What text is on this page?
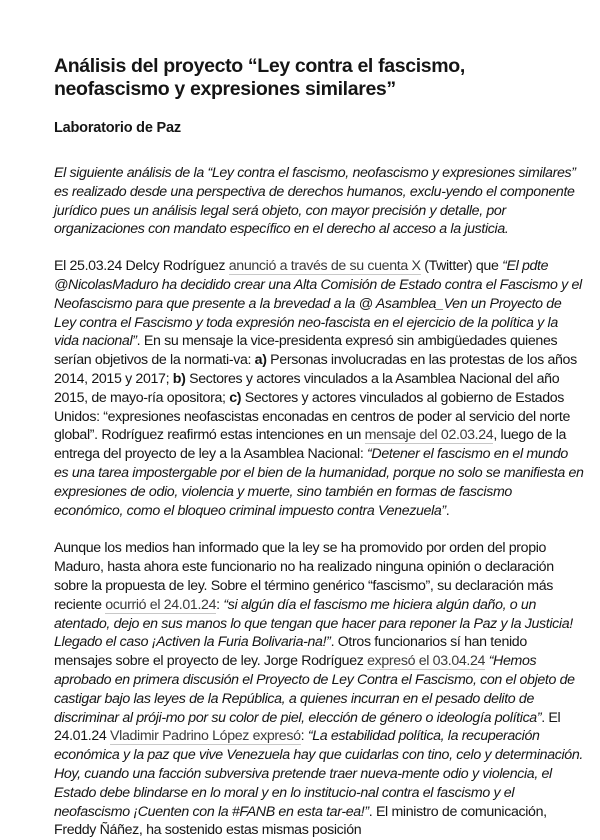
Análisis del proyecto “Ley contra el fascismo,
neofascismo y expresiones similares”
Laboratorio de Paz

El siguiente análisis de la “Ley contra el fascismo, neofascismo y expresiones similares” es realizado desde una perspectiva de derechos humanos, exclu-yendo el componente jurídico pues un análisis legal será objeto, con mayor precisión y detalle, por organizaciones con mandato específico en el derecho al acceso a la justicia.

El 25.03.24 Delcy Rodríguez anunció a través de su cuenta X (Twitter) que “El pdte @NicolasMaduro ha decidido crear una Alta Comisión de Estado contra el Fascismo y el Neofascismo para que presente a la brevedad a la @ Asamblea_Ven un Proyecto de Ley contra el Fascismo y toda expresión neo-fascista en el ejercicio de la política y la vida nacional”. En su mensaje la vice-presidenta expresó sin ambigüedades quienes serían objetivos de la normati-va: a) Personas involucradas en las protestas de los años 2014, 2015 y 2017; b) Sectores y actores vinculados a la Asamblea Nacional del año 2015, de mayo-ría opositora; c) Sectores y actores vinculados al gobierno de Estados Unidos: “expresiones neofascistas enconadas en centros de poder al servicio del norte global”. Rodríguez reafirmó estas intenciones en un mensaje del 02.03.24, luego de la entrega del proyecto de ley a la Asamblea Nacional: “Detener el fascismo en el mundo es una tarea impostergable por el bien de la humanidad, porque no solo se manifiesta en expresiones de odio, violencia y muerte, sino también en formas de fascismo económico, como el bloqueo criminal impuesto contra Venezuela”.

Aunque los medios han informado que la ley se ha promovido por orden del propio Maduro, hasta ahora este funcionario no ha realizado ninguna opinión o declaración sobre la propuesta de ley. Sobre el término genérico “fascismo”, su declaración más reciente ocurrió el 24.01.24: “si algún día el fascismo me hiciera algún daño, o un atentado, dejo en sus manos lo que tengan que hacer para reponer la Paz y la Justicia! Llegado el caso ¡Activen la Furia Bolivaria-na!”. Otros funcionarios sí han tenido mensajes sobre el proyecto de ley. Jorge Rodríguez expresó el 03.04.24 “Hemos aprobado en primera discusión el Proyecto de Ley Contra el Fascismo, con el objeto de castigar bajo las leyes de la República, a quienes incurran en el pesado delito de discriminar al próji-mo por su color de piel, elección de género o ideología política”. El 24.01.24 Vladimir Padrino López expresó: “La estabilidad política, la recuperación económica y la paz que vive Venezuela hay que cuidarlas con tino, celo y determinación. Hoy, cuando una facción subversiva pretende traer nueva-mente odio y violencia, el Estado debe blindarse en lo moral y en lo institucio-nal contra el fascismo y el neofascismo ¡Cuenten con la #FANB en esta tar-ea!”. El ministro de comunicación, Freddy Ñáñez, ha sostenido estas mismas posición
